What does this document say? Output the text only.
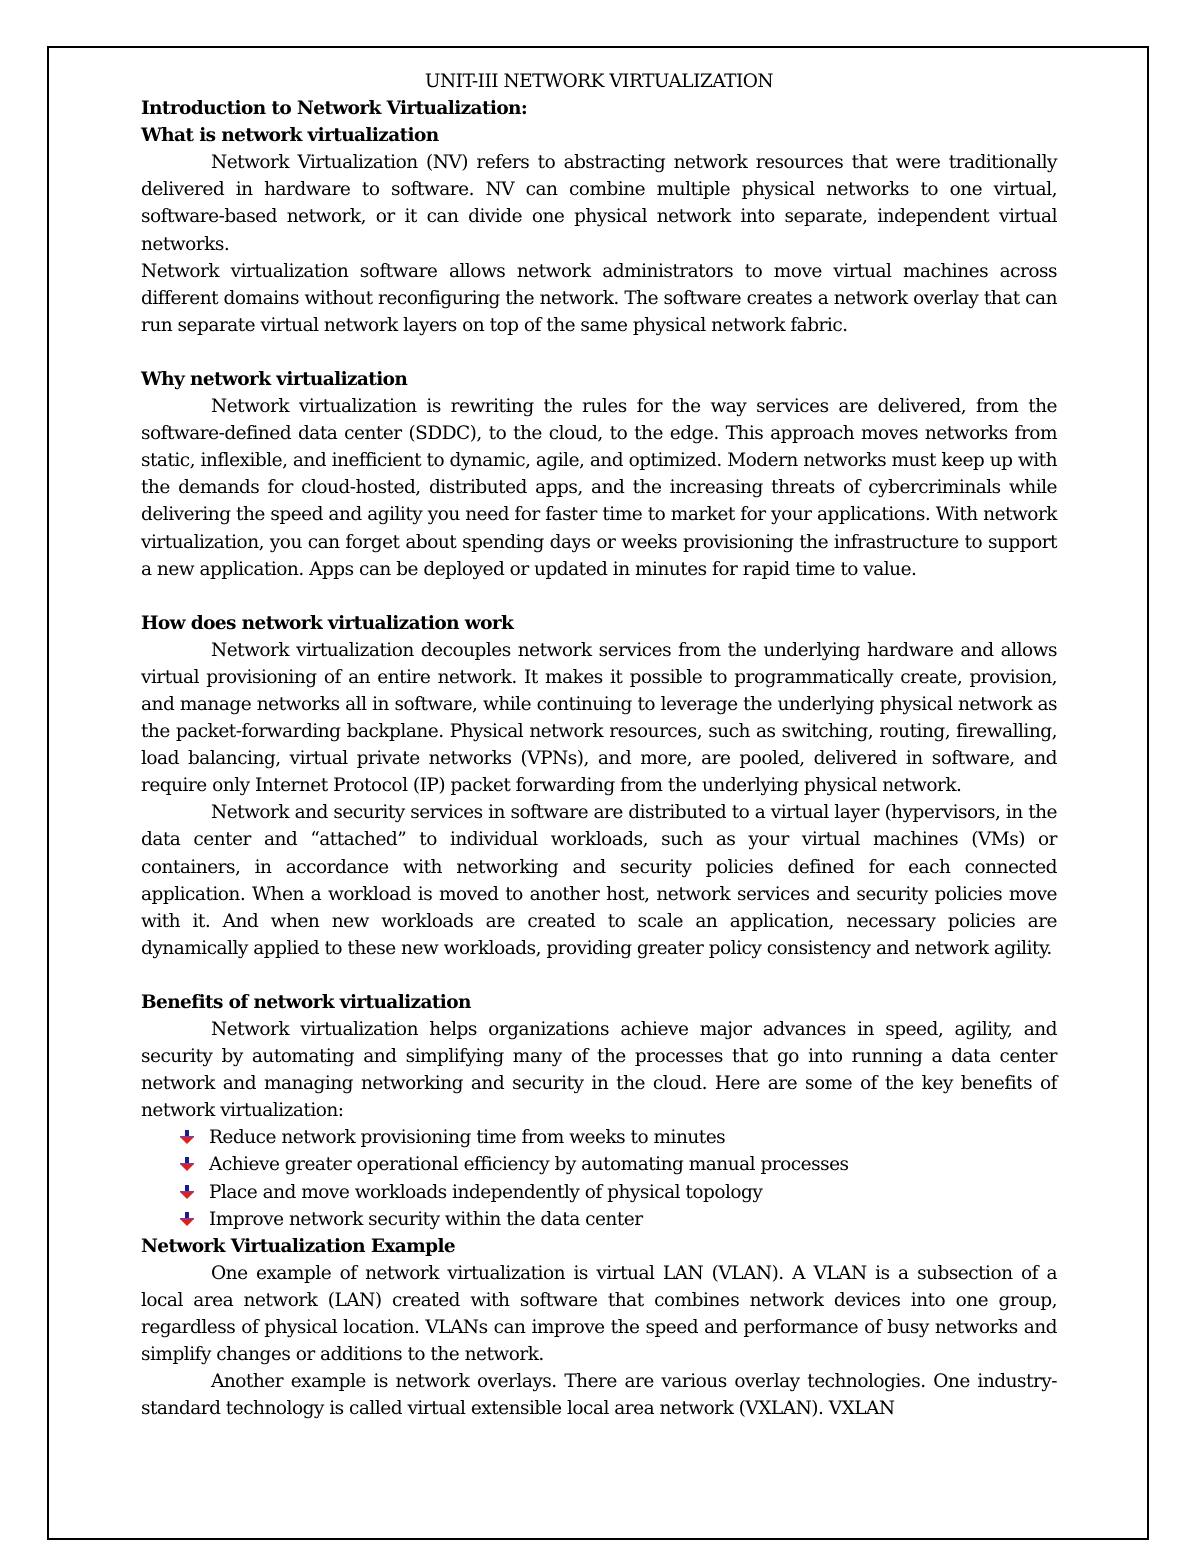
UNIT-III NETWORK VIRTUALIZATION
Introduction to Network Virtualization:
What is network virtualization

Network Virtualization (NV) refers to abstracting network resources that were traditionally delivered in hardware to software. NV can combine multiple physical networks to one virtual, software-based network, or it can divide one physical network into separate, independent virtual networks.

Network virtualization software allows network administrators to move virtual machines across different domains without reconfiguring the network. The software creates a network overlay that can run separate virtual network layers on top of the same physical network fabric.

Why network virtualization

Network virtualization is rewriting the rules for the way services are delivered, from the software-defined data center (SDDC), to the cloud, to the edge. This approach moves networks from static, inflexible, and inefficient to dynamic, agile, and optimized. Modern networks must keep up with the demands for cloud-hosted, distributed apps, and the increasing threats of cybercriminals while delivering the speed and agility you need for faster time to market for your applications. With network virtualization, you can forget about spending days or weeks provisioning the infrastructure to support a new application. Apps can be deployed or updated in minutes for rapid time to value.

How does network virtualization work

Network virtualization decouples network services from the underlying hardware and allows virtual provisioning of an entire network. It makes it possible to programmatically create, provision, and manage networks all in software, while continuing to leverage the underlying physical network as the packet-forwarding backplane. Physical network resources, such as switching, routing, firewalling, load balancing, virtual private networks (VPNs), and more, are pooled, delivered in software, and require only Internet Protocol (IP) packet forwarding from the underlying physical network.

Network and security services in software are distributed to a virtual layer (hypervisors, in the data center and “attached” to individual workloads, such as your virtual machines (VMs) or containers, in accordance with networking and security policies defined for each connected application. When a workload is moved to another host, network services and security policies move with it. And when new workloads are created to scale an application, necessary policies are dynamically applied to these new workloads, providing greater policy consistency and network agility.

Benefits of network virtualization

Network virtualization helps organizations achieve major advances in speed, agility, and security by automating and simplifying many of the processes that go into running a data center network and managing networking and security in the cloud. Here are some of the key benefits of network virtualization:

Reduce network provisioning time from weeks to minutes
Achieve greater operational efficiency by automating manual processes
Place and move workloads independently of physical topology
Improve network security within the data center
Network Virtualization Example

One example of network virtualization is virtual LAN (VLAN). A VLAN is a subsection of a local area network (LAN) created with software that combines network devices into one group, regardless of physical location. VLANs can improve the speed and performance of busy networks and simplify changes or additions to the network.

Another example is network overlays. There are various overlay technologies. One industry-standard technology is called virtual extensible local area network (VXLAN). VXLAN
